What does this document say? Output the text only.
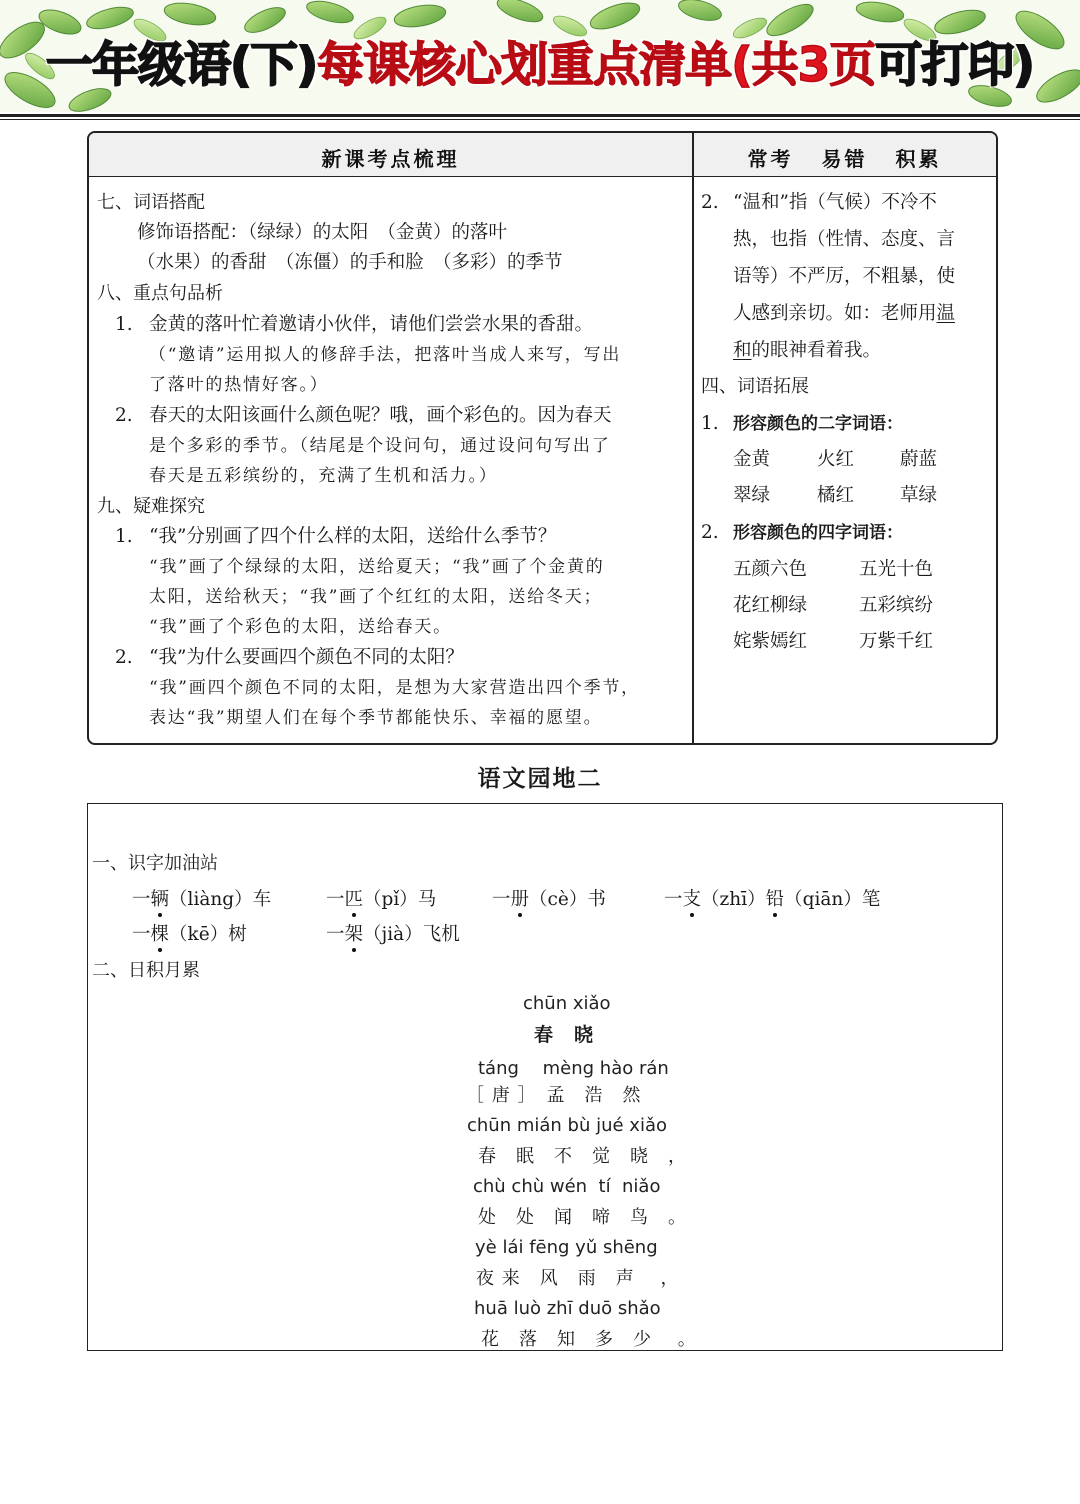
一年级语(下)每课核心划重点清单(共3页可打印)
新课考点梳理	常考 易错 积累
七、词语搭配
修饰语搭配：（绿绿）的太阳　（金黄）的落叶
（水果）的香甜　（冻僵）的手和脸　（多彩）的季节
八、重点句品析
1. 金黄的落叶忙着邀请小伙伴，请他们尝尝水果的香甜。
（“邀请”运用拟人的修辞手法，把落叶当成人来写，写出
了落叶的热情好客。）
2. 春天的太阳该画什么颜色呢？哦，画个彩色的。因为春天
是个多彩的季节。（结尾是个设问句，通过设问句写出了
春天是五彩缤纷的，充满了生机和活力。）
九、疑难探究
1. “我”分别画了四个什么样的太阳，送给什么季节？
“我”画了个绿绿的太阳，送给夏天；“我”画了个金黄的
太阳，送给秋天；“我”画了个红红的太阳，送给冬天；
“我”画了个彩色的太阳，送给春天。
2. “我”为什么要画四个颜色不同的太阳？
“我”画四个颜色不同的太阳，是想为大家营造出四个季节，
表达“我”期望人们在每个季节都能快乐、幸福的愿望。
2. “温和”指（气候）不冷不
热，也指（性情、态度、言
语等）不严厉，不粗暴，使
人感到亲切。如：老师用温
和的眼神看着我。
四、词语拓展
1. 形容颜色的二字词语：
金黄	火红 蔚蓝
翠绿	橘红 草绿
2. 形容颜色的四字词语：
五颜六色	五光十色
花红柳绿	五彩缤纷
姹紫嫣红	万紫千红
语文园地二
一、识字加油站
一辆（liàng）车	一匹（pǐ）马	一册（cè）书	一支（zhī）铅（qiān）笔
一棵（kē）树	一架（jià）飞机
二、日积月累
chūn xiǎo
春　晓
táng　 mèng hào rán
［ 唐 ］　孟　浩　然
chūn mián bù jué xiǎo
春　眠　不　觉　晓　，
chù chù wén  tí  niǎo
处　处　闻　啼　鸟　。
yè lái fēng yǔ shēng
夜 来　风　雨　声　 ，
huā luò zhī duō shǎo
花　落　知　多　少　 。
